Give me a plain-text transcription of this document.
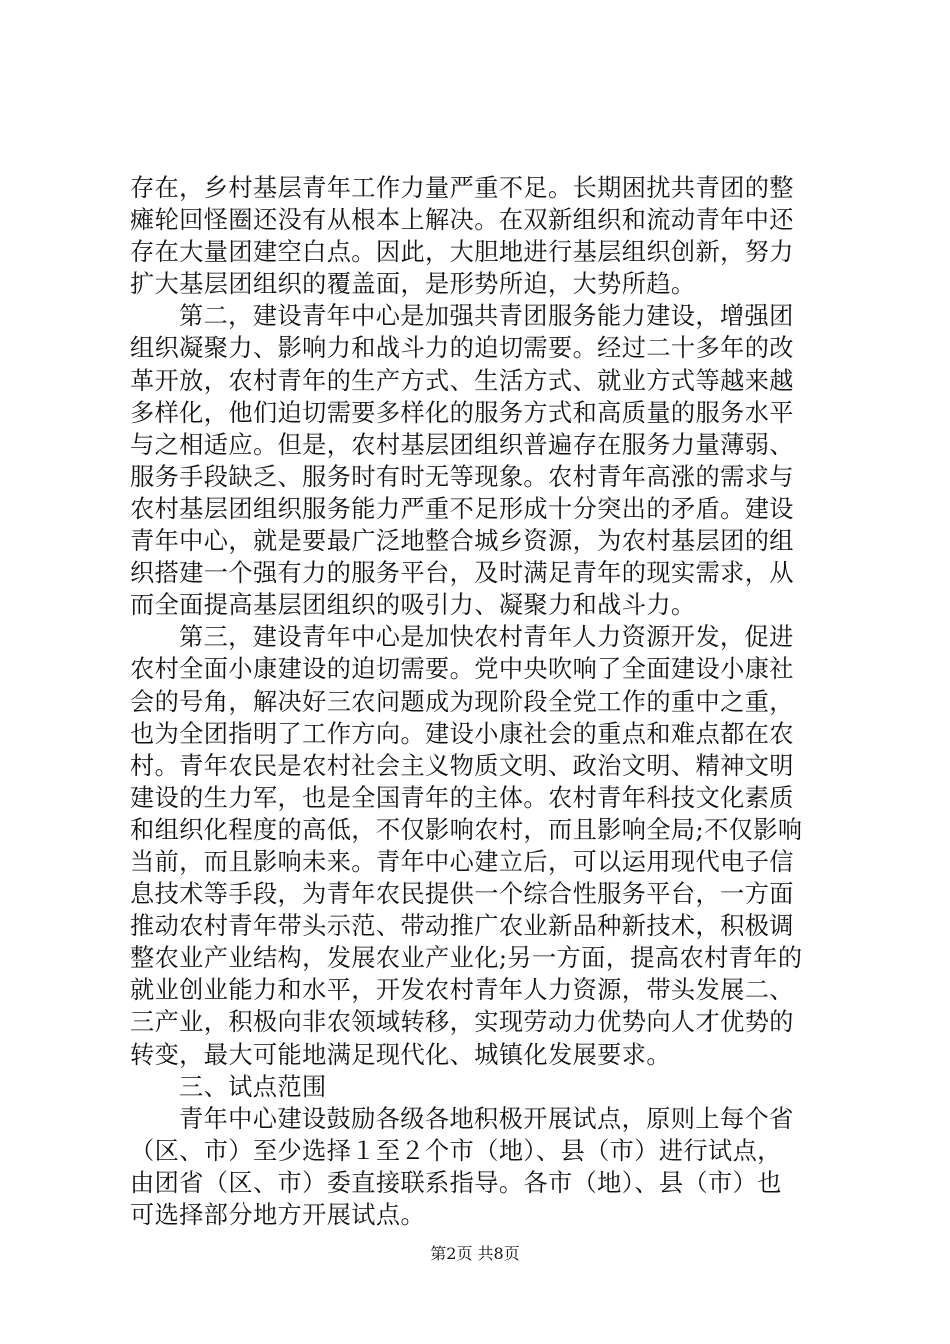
存在，乡村基层青年工作力量严重不足。长期困扰共青团的整
瘫轮回怪圈还没有从根本上解决。在双新组织和流动青年中还
存在大量团建空白点。因此，大胆地进行基层组织创新，努力
扩大基层团组织的覆盖面，是形势所迫，大势所趋。
第二，建设青年中心是加强共青团服务能力建设，增强团
组织凝聚力、影响力和战斗力的迫切需要。经过二十多年的改
革开放，农村青年的生产方式、生活方式、就业方式等越来越
多样化，他们迫切需要多样化的服务方式和高质量的服务水平
与之相适应。但是，农村基层团组织普遍存在服务力量薄弱、
服务手段缺乏、服务时有时无等现象。农村青年高涨的需求与
农村基层团组织服务能力严重不足形成十分突出的矛盾。建设
青年中心，就是要最广泛地整合城乡资源，为农村基层团的组
织搭建一个强有力的服务平台，及时满足青年的现实需求，从
而全面提高基层团组织的吸引力、凝聚力和战斗力。
第三，建设青年中心是加快农村青年人力资源开发，促进
农村全面小康建设的迫切需要。党中央吹响了全面建设小康社
会的号角，解决好三农问题成为现阶段全党工作的重中之重，
也为全团指明了工作方向。建设小康社会的重点和难点都在农
村。青年农民是农村社会主义物质文明、政治文明、精神文明
建设的生力军，也是全国青年的主体。农村青年科技文化素质
和组织化程度的高低，不仅影响农村，而且影响全局;不仅影响
当前，而且影响未来。青年中心建立后，可以运用现代电子信
息技术等手段，为青年农民提供一个综合性服务平台，一方面
推动农村青年带头示范、带动推广农业新品种新技术，积极调
整农业产业结构，发展农业产业化;另一方面，提高农村青年的
就业创业能力和水平，开发农村青年人力资源，带头发展二、
三产业，积极向非农领域转移，实现劳动力优势向人才优势的
转变，最大可能地满足现代化、城镇化发展要求。
三、试点范围
青年中心建设鼓励各级各地积极开展试点，原则上每个省
（区、市）至少选择１至２个市（地）、县（市）进行试点，
由团省（区、市）委直接联系指导。各市（地）、县（市）也
可选择部分地方开展试点。
第2页 共8页
